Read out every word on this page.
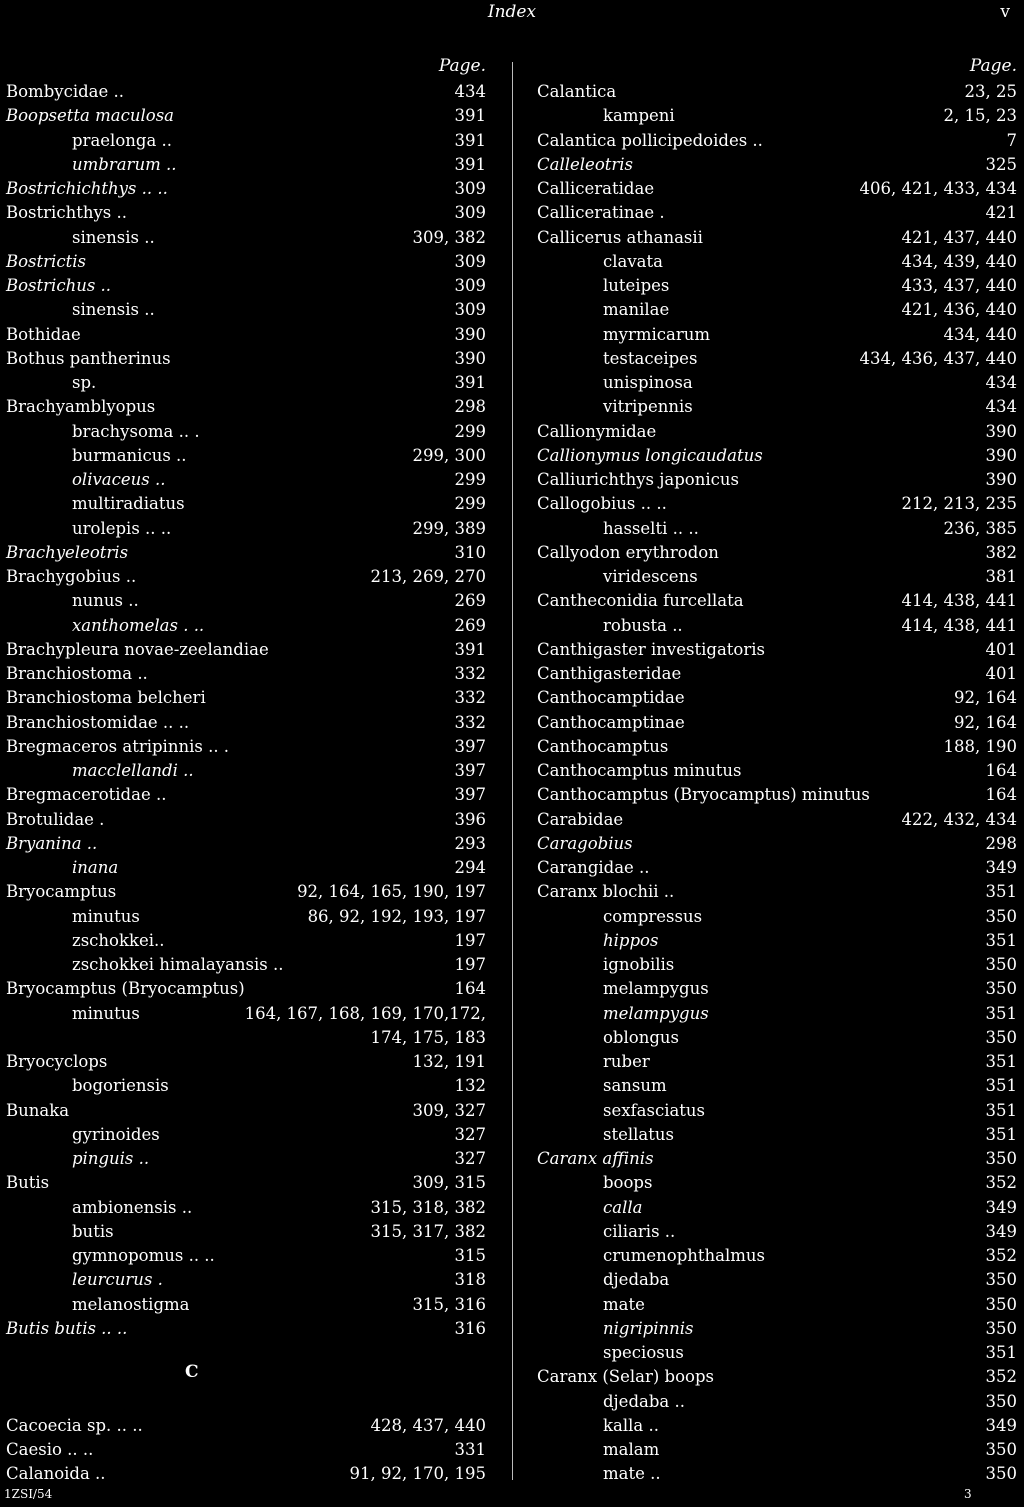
Index	v
Page.
Bombycidae ..	434
Boopsetta maculosa	391
praelonga ..	391
umbrarum ..	391
Bostrichichthys .. ..	309
Bostrichthys ..	309
sinensis ..	309, 382
Bostrictis	309
Bostrichus ..	309
sinensis ..	309
Bothidae	390
Bothus pantherinus	390
sp.	391
Brachyamblyopus	298
brachysoma .. .	299
burmanicus ..	299, 300
olivaceus ..	299
multiradiatus	299
urolepis .. ..	299, 389
Brachyeleotris	310
Brachygobius ..	213, 269, 270
nunus ..	269
xanthomelas . ..	269
Brachypleura novae-zeelandiae	391
Branchiostoma ..	332
Branchiostoma belcheri	332
Branchiostomidae .. ..	332
Bregmaceros atripinnis .. .	397
macclellandi ..	397
Bregmacerotidae ..	397
Brotulidae .	396
Bryanina ..	293
inana	294
Bryocamptus	92, 164, 165, 190, 197
minutus	86, 92, 192, 193, 197
zschokkei..	197
zschokkei himalayansis ..	197
Bryocamptus (Bryocamptus)	164
minutus	164, 167, 168, 169, 170,172,
174, 175, 183
Bryocyclops	132, 191
bogoriensis	132
Bunaka	309, 327
gyrinoides	327
pinguis ..	327
Butis	309, 315
ambionensis ..	315, 318, 382
butis	315, 317, 382
gymnopomus .. ..	315
leurcurus .	318
melanostigma	315, 316
Butis butis .. ..	316
Cacoecia sp. .. ..	428, 437, 440
Caesio .. ..	331
Calanoida ..	91, 92, 170, 195
Page.
Calantica	23, 25
kampeni	2, 15, 23
Calantica pollicipedoides ..	7
Calleleotris	325
Calliceratidae	406, 421, 433, 434
Calliceratinae .	421
Callicerus athanasii	421, 437, 440
clavata	434, 439, 440
luteipes	433, 437, 440
manilae	421, 436, 440
myrmicarum	434, 440
testaceipes	434, 436, 437, 440
unispinosa	434
vitripennis	434
Callionymidae	390
Callionymus longicaudatus	390
Calliurichthys japonicus	390
Callogobius .. ..	212, 213, 235
hasselti .. ..	236, 385
Callyodon erythrodon	382
viridescens	381
Cantheconidia furcellata	414, 438, 441
robusta ..	414, 438, 441
Canthigaster investigatoris	401
Canthigasteridae	401
Canthocamptidae	92, 164
Canthocamptinae	92, 164
Canthocamptus	188, 190
Canthocamptus minutus	164
Canthocamptus (Bryocamptus) minutus	164
Carabidae	422, 432, 434
Caragobius	298
Carangidae ..	349
Caranx blochii ..	351
compressus	350
hippos	351
ignobilis	350
melampygus	350
melampygus	351
oblongus	350
ruber	351
sansum	351
sexfasciatus	351
stellatus	351
Caranx affinis	350
boops	352
calla	349
ciliaris ..	349
crumenophthalmus	352
djedaba	350
mate	350
nigripinnis	350
speciosus	351
Caranx (Selar) boops	352
djedaba ..	350
kalla ..	349
malam	350
mate ..	350
C
1ZSI/54	3
